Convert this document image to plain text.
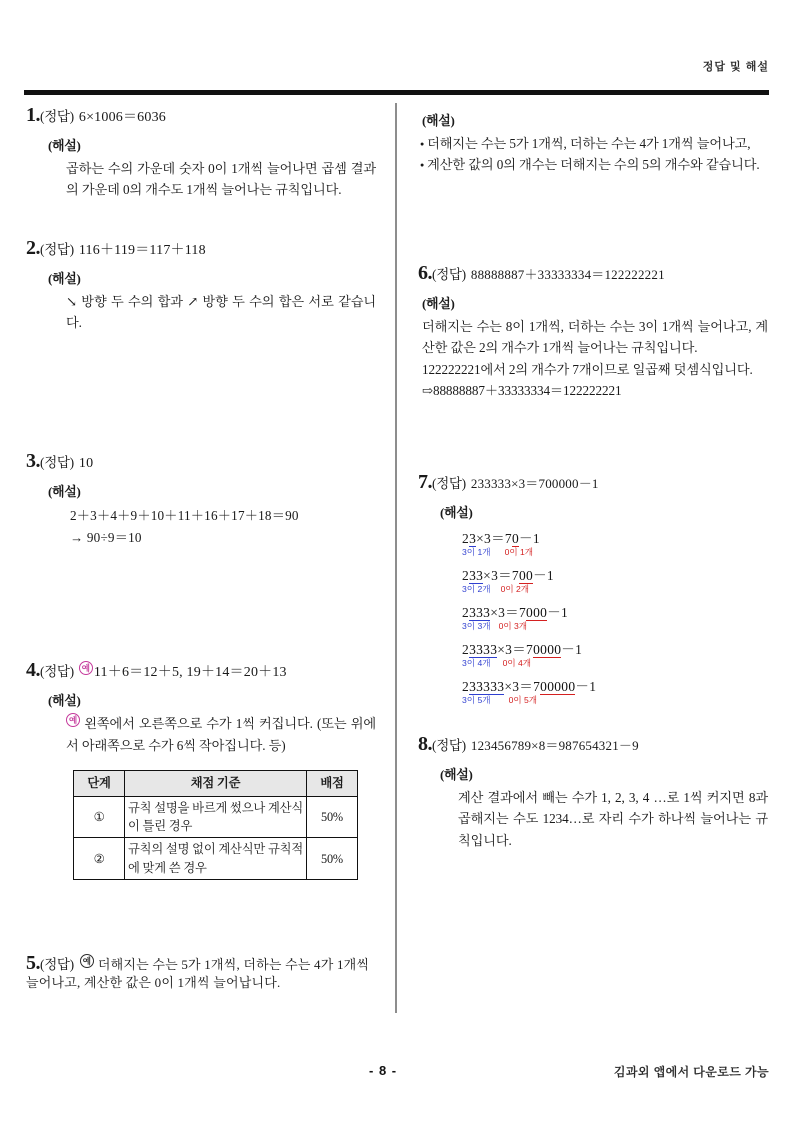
정답 및 해설
1.(정답) 6×1006＝6036
(해설)
곱하는 수의 가운데 숫자 0이 1개씩 늘어나면 곱셈 결과의 가운데 0의 개수도 1개씩 늘어나는 규칙입니다.
2.(정답) 116＋119＝117＋118
(해설)
↘ 방향 두 수의 합과 ↗ 방향 두 수의 합은 서로 같습니다.
3.(정답) 10
(해설)
2＋3＋4＋9＋10＋11＋16＋17＋18＝90
→ 90÷9＝10
4.(정답) 예 11＋6＝12＋5, 19＋14＝20＋13
(해설)
예 왼쪽에서 오른쪽으로 수가 1씩 커집니다. (또는 위에서 아래쪽으로 수가 6씩 작아집니다. 등)
단계	채점 기준	배점
①	규칙 설명을 바르게 썼으나 계산식이 틀린 경우	50%
②	규칙의 설명 없이 계산식만 규칙적에 맞게 쓴 경우	50%
5.(정답) 예 더해지는 수는 5가 1개씩, 더하는 수는 4가 1개씩 늘어나고, 계산한 값은 0이 1개씩 늘어납니다.
(해설)
● 더해지는 수는 5가 1개씩, 더하는 수는 4가 1개씩 늘어나고,
● 계산한 값의 0의 개수는 더해지는 수의 5의 개수와 같습니다.
6.(정답) 88888887＋33333334＝122222221
(해설)
더해지는 수는 8이 1개씩, 더하는 수는 3이 1개씩 늘어나고, 계산한 값은 2의 개수가 1개씩 늘어나는 규칙입니다.
122222221에서 2의 개수가 7개이므로 일곱째 덧셈식입니다.
⇨88888887＋33333334＝122222221
7.(정답) 233333×3＝700000－1
(해설)
23×3＝70－1
3이 1개 0이 1개
233×3＝700－1
3이 2개 0이 2개
2333×3＝7000－1
3이 3개 0이 3개
23333×3＝70000－1
3이 4개 0이 4개
233333×3＝700000－1
3이 5개 0이 5개
8.(정답) 123456789×8＝987654321－9
(해설)
계산 결과에서 빼는 수가 1, 2, 3, 4 …로 1씩 커지면 8과 곱해지는 수도 1234…로 자리 수가 하나씩 늘어나는 규칙입니다.
- 8 -	김과외 앱에서 다운로드 가능
